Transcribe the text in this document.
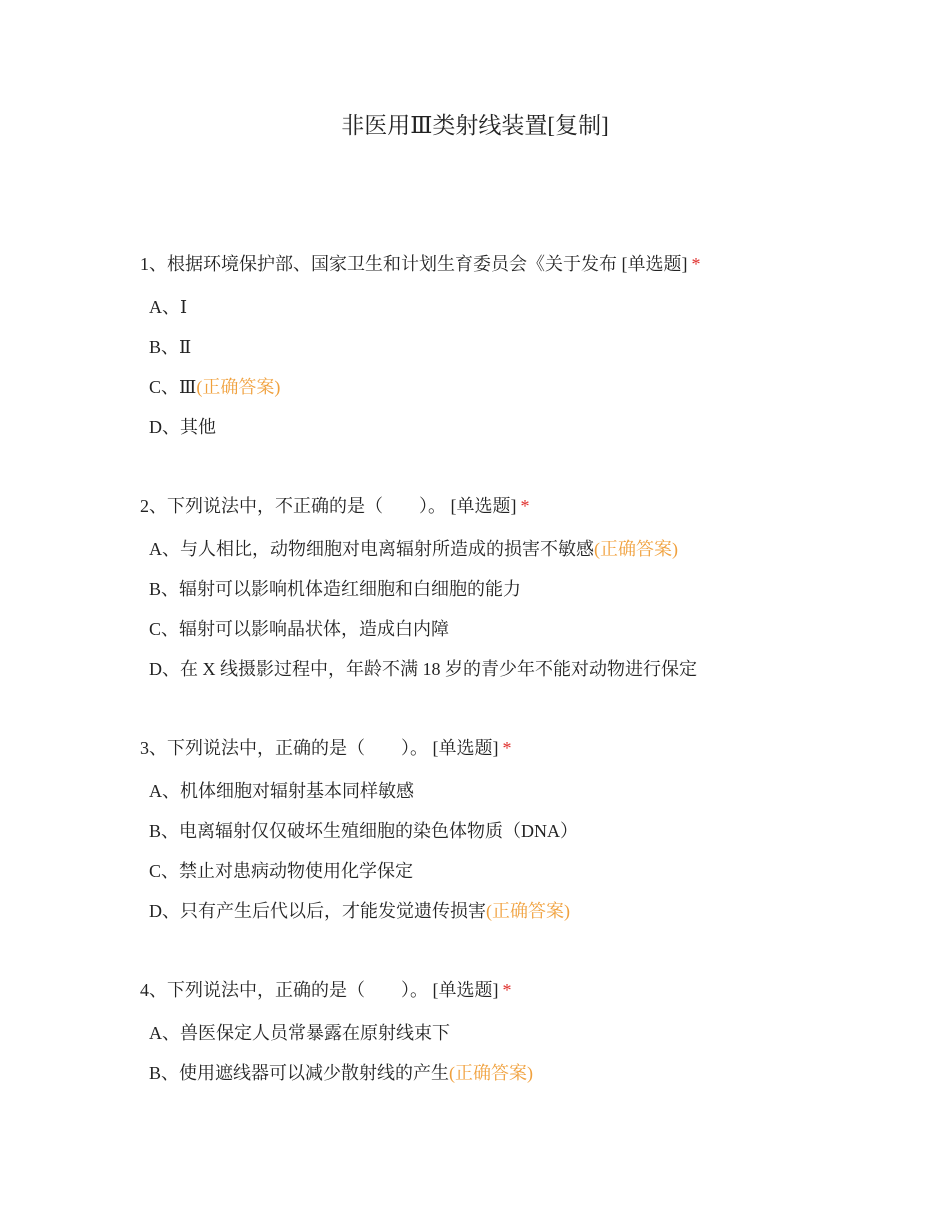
非医用Ⅲ类射线装置[复制]
1、根据环境保护部、国家卫生和计划生育委员会《关于发布 [单选题] *
A、Ⅰ
B、Ⅱ
C、Ⅲ(正确答案)
D、其他
2、下列说法中，不正确的是（　　）。 [单选题] *
A、与人相比，动物细胞对电离辐射所造成的损害不敏感(正确答案)
B、辐射可以影响机体造红细胞和白细胞的能力
C、辐射可以影响晶状体，造成白内障
D、在 X 线摄影过程中，年龄不满 18 岁的青少年不能对动物进行保定
3、下列说法中，正确的是（　　）。 [单选题] *
A、机体细胞对辐射基本同样敏感
B、电离辐射仅仅破坏生殖细胞的染色体物质（DNA）
C、禁止对患病动物使用化学保定
D、只有产生后代以后，才能发觉遗传损害(正确答案)
4、下列说法中，正确的是（　　）。 [单选题] *
A、兽医保定人员常暴露在原射线束下
B、使用遮线器可以减少散射线的产生(正确答案)
